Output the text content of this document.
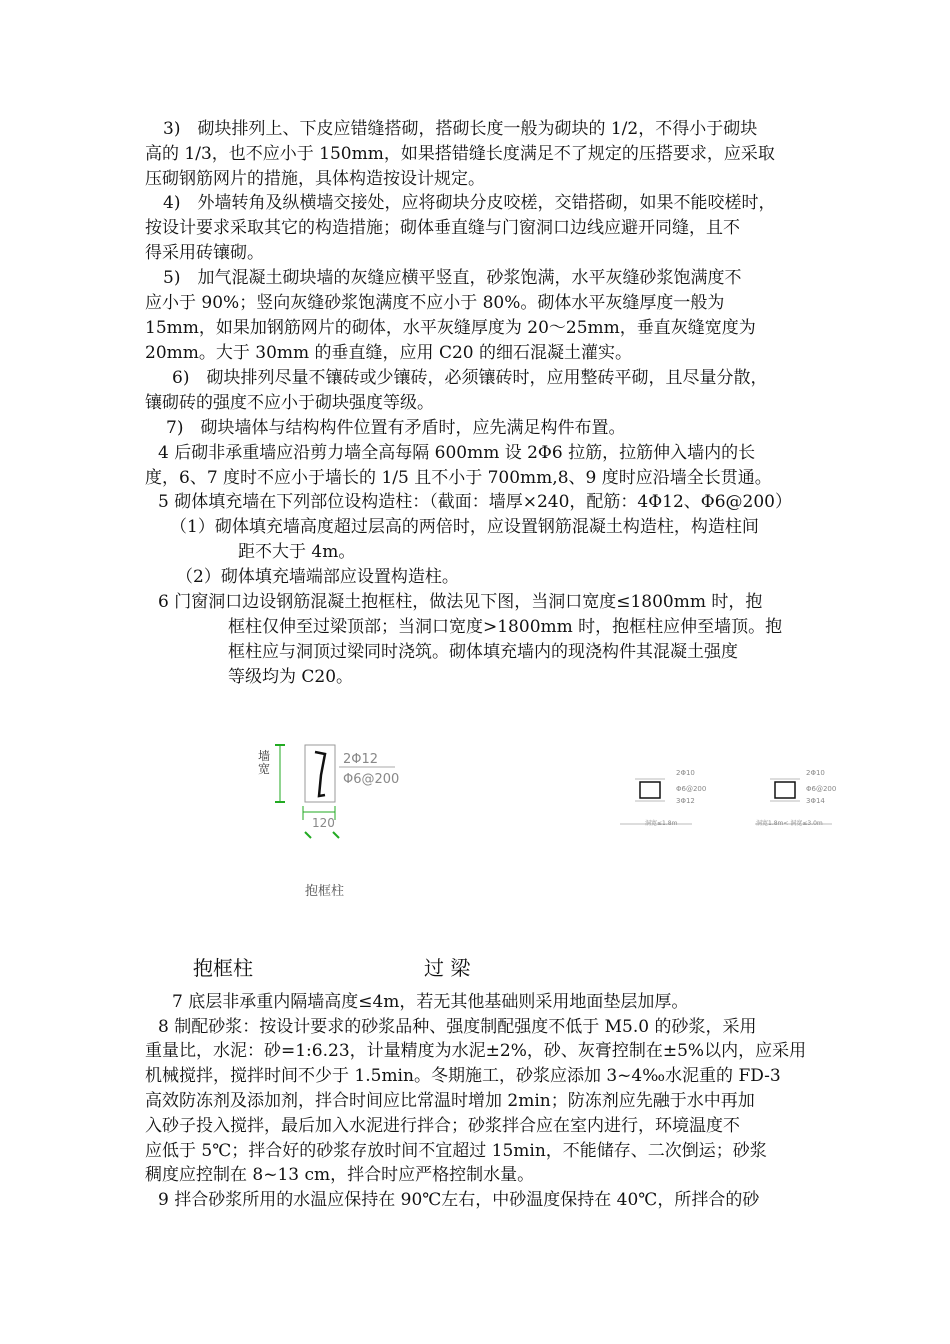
3)　砌块排列上、下皮应错缝搭砌，搭砌长度一般为砌块的 1/2，不得小于砌块
高的 1/3，也不应小于 150mm，如果搭错缝长度满足不了规定的压搭要求，应采取
压砌钢筋网片的措施，具体构造按设计规定。
4)　外墙转角及纵横墙交接处，应将砌块分皮咬槎，交错搭砌，如果不能咬槎时，
按设计要求采取其它的构造措施；砌体垂直缝与门窗洞口边线应避开同缝，且不
得采用砖镶砌。
5)　加气混凝土砌块墙的灰缝应横平竖直，砂浆饱满，水平灰缝砂浆饱满度不
应小于 90%；竖向灰缝砂浆饱满度不应小于 80%。砌体水平灰缝厚度一般为
15mm，如果加钢筋网片的砌体，水平灰缝厚度为 20～25mm，垂直灰缝宽度为
20mm。大于 30mm 的垂直缝，应用 C20 的细石混凝土灌实。
6)　砌块排列尽量不镶砖或少镶砖，必须镶砖时，应用整砖平砌，且尽量分散，
镶砌砖的强度不应小于砌块强度等级。
7)　砌块墙体与结构构件位置有矛盾时，应先满足构件布置。
4 后砌非承重墙应沿剪力墙全高每隔 600mm 设 2Φ6 拉筋，拉筋伸入墙内的长
度，6、7 度时不应小于墙长的 1/5 且不小于 700mm,8、9 度时应沿墙全长贯通。
5 砌体填充墙在下列部位设构造柱：（截面：墙厚×240，配筋：4Φ12、Φ6@200）
（1）砌体填充墙高度超过层高的两倍时，应设置钢筋混凝土构造柱，构造柱间
距不大于 4m。
（2）砌体填充墙端部应设置构造柱。
6 门窗洞口边设钢筋混凝土抱框柱，做法见下图，当洞口宽度≤1800mm 时，抱
框柱仅伸至过梁顶部；当洞口宽度>1800mm 时，抱框柱应伸至墙顶。抱
框柱应与洞顶过梁同时浇筑。砌体填充墙内的现浇构件其混凝土强度
等级均为 C20。
墙宽
2Φ12
Φ6@200
120
抱框柱
2Φ10
Φ6@200
3Φ12
洞宽≤1.8m
2Φ10
Φ6@200
3Φ14
洞宽1.8m< 洞宽≤3.0m
抱框柱	过 梁
7 底层非承重内隔墙高度≤4m，若无其他基础则采用地面垫层加厚。
8 制配砂浆：按设计要求的砂浆品种、强度制配强度不低于 M5.0 的砂浆，采用
重量比，水泥：砂=1:6.23，计量精度为水泥±2%，砂、灰膏控制在±5%以内，应采用
机械搅拌，搅拌时间不少于 1.5min。冬期施工，砂浆应添加 3~4‰水泥重的 FD-3
高效防冻剂及添加剂，拌合时间应比常温时增加 2min；防冻剂应先融于水中再加
入砂子投入搅拌，最后加入水泥进行拌合；砂浆拌合应在室内进行，环境温度不
应低于 5℃；拌合好的砂浆存放时间不宜超过 15min，不能储存、二次倒运；砂浆
稠度应控制在 8~13 cm，拌合时应严格控制水量。
9 拌合砂浆所用的水温应保持在 90℃左右，中砂温度保持在 40℃，所拌合的砂
